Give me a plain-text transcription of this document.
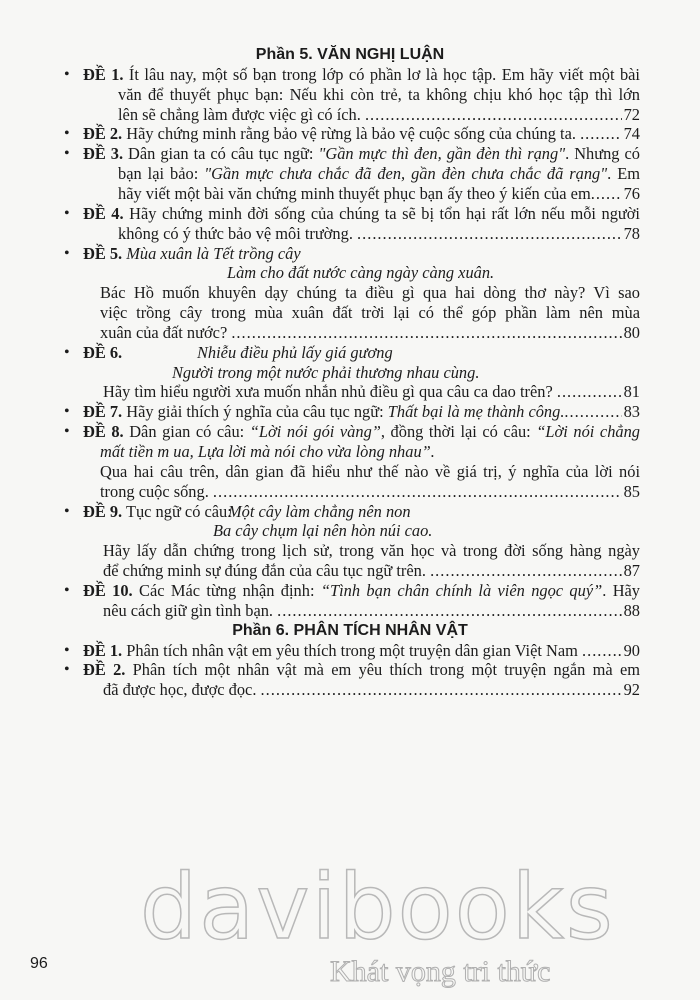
Phần 5. VĂN NGHỊ LUẬN
Phần 6. PHÂN TÍCH NHÂN VẬT
•
•
•
•
•
•
•
•
•
•
•
•
ĐỀ 1. Ít lâu nay, một số bạn trong lớp có phần lơ là học tập. Em hãy viết một bài
văn để thuyết phục bạn: Nếu khi còn trẻ, ta không chịu khó học tập thì lớn
lên sẽ chẳng làm được việc gì có ích. .....	72
ĐỀ 2. Hãy chứng minh rằng bảo vệ rừng là bảo vệ cuộc sống của chúng ta. .....	74
ĐỀ 3. Dân gian ta có câu tục ngữ: "Gần mực thì đen, gần đèn thì rạng". Nhưng có
bạn lại bảo: "Gần mực chưa chắc đã đen, gần đèn chưa chắc đã rạng". Em
hãy viết một bài văn chứng minh thuyết phục bạn ấy theo ý kiến của em ..... 76
ĐỀ 4. Hãy chứng minh đời sống của chúng ta sẽ bị tổn hại rất lớn nếu mỗi người
không có ý thức bảo vệ môi trường. .....	78
ĐỀ 5. Mùa xuân là Tết trồng cây
Làm cho đất nước càng ngày càng xuân.
Bác Hồ muốn khuyên dạy chúng ta điều gì qua hai dòng thơ này? Vì sao
việc trồng cây trong mùa xuân đất trời lại có thể góp phần làm nên mùa
xuân của đất nước? .....	80
ĐỀ 6.	Nhiễu điều phủ lấy giá gương
Người trong một nước phải thương nhau cùng.
Hãy tìm hiểu người xưa muốn nhắn nhủ điều gì qua câu ca dao trên? .....	81
ĐỀ 7. Hãy giải thích ý nghĩa của câu tục ngữ: Thất bại là mẹ thành công. .....	83
ĐỀ 8. Dân gian có câu: “Lời nói gói vàng”, đồng thời lại có câu: “Lời nói chẳng
mất tiền m ua, Lựa lời mà nói cho vừa lòng nhau”.
Qua hai câu trên, dân gian đã hiểu như thế nào về giá trị, ý nghĩa của lời nói
trong cuộc sống. .....	85
ĐỀ 9. Tục ngữ có câu:
Một cây làm chẳng nên non
Ba cây chụm lại nên hòn núi cao.
Hãy lấy dẫn chứng trong lịch sử, trong văn học và trong đời sống hàng ngày
để chứng minh sự đúng đắn của câu tục ngữ trên. .....	87
ĐỀ 10. Các Mác từng nhận định: “Tình bạn chân chính là viên ngọc quý”. Hãy
nêu cách giữ gìn tình bạn. .....	88
ĐỀ 1. Phân tích nhân vật em yêu thích trong một truyện dân gian Việt Nam .....	90
ĐỀ 2. Phân tích một nhân vật mà em yêu thích trong một truyện ngắn mà em
đã được học, được đọc. .....	92
96
davibooks
Khát vọng tri thức
